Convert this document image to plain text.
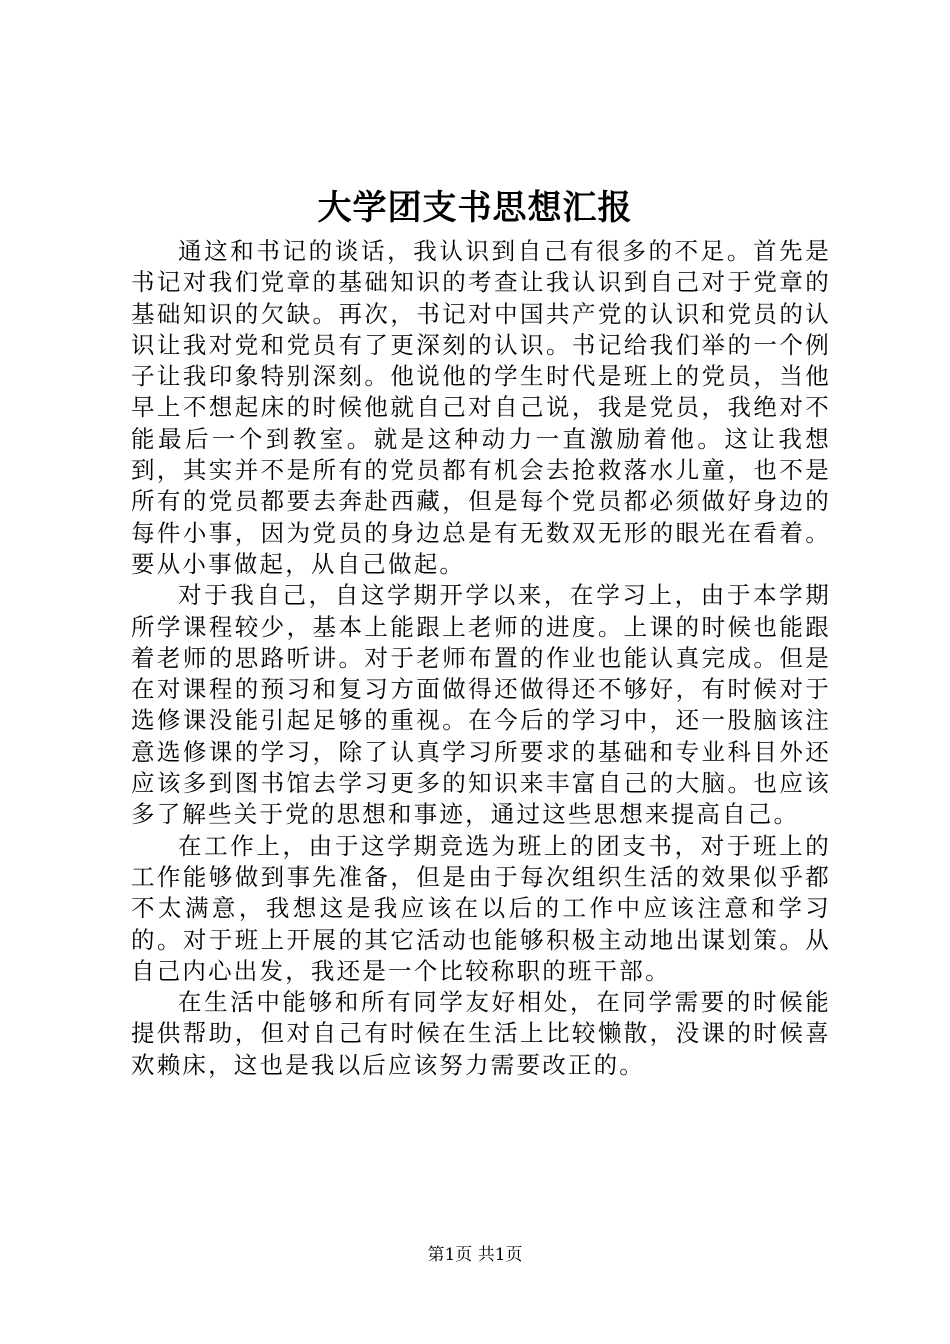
大学团支书思想汇报

通这和书记的谈话，我认识到自己有很多的不足。首先是书记对我们党章的基础知识的考查让我认识到自己对于党章的基础知识的欠缺。再次，书记对中国共产党的认识和党员的认识让我对党和党员有了更深刻的认识。书记给我们举的一个例子让我印象特别深刻。他说他的学生时代是班上的党员，当他早上不想起床的时候他就自己对自己说，我是党员，我绝对不能最后一个到教室。就是这种动力一直激励着他。这让我想到，其实并不是所有的党员都有机会去抢救落水儿童，也不是所有的党员都要去奔赴西藏，但是每个党员都必须做好身边的每件小事，因为党员的身边总是有无数双无形的眼光在看着。要从小事做起，从自己做起。

对于我自己，自这学期开学以来，在学习上，由于本学期所学课程较少，基本上能跟上老师的进度。上课的时候也能跟着老师的思路听讲。对于老师布置的作业也能认真完成。但是在对课程的预习和复习方面做得还做得还不够好，有时候对于选修课没能引起足够的重视。在今后的学习中，还一股脑该注意选修课的学习，除了认真学习所要求的基础和专业科目外还应该多到图书馆去学习更多的知识来丰富自己的大脑。也应该多了解些关于党的思想和事迹，通过这些思想来提高自己。

在工作上，由于这学期竞选为班上的团支书，对于班上的工作能够做到事先准备，但是由于每次组织生活的效果似乎都不太满意，我想这是我应该在以后的工作中应该注意和学习的。对于班上开展的其它活动也能够积极主动地出谋划策。从自己内心出发，我还是一个比较称职的班干部。

在生活中能够和所有同学友好相处，在同学需要的时候能提供帮助，但对自己有时候在生活上比较懒散，没课的时候喜欢赖床，这也是我以后应该努力需要改正的。

第1页 共1页
